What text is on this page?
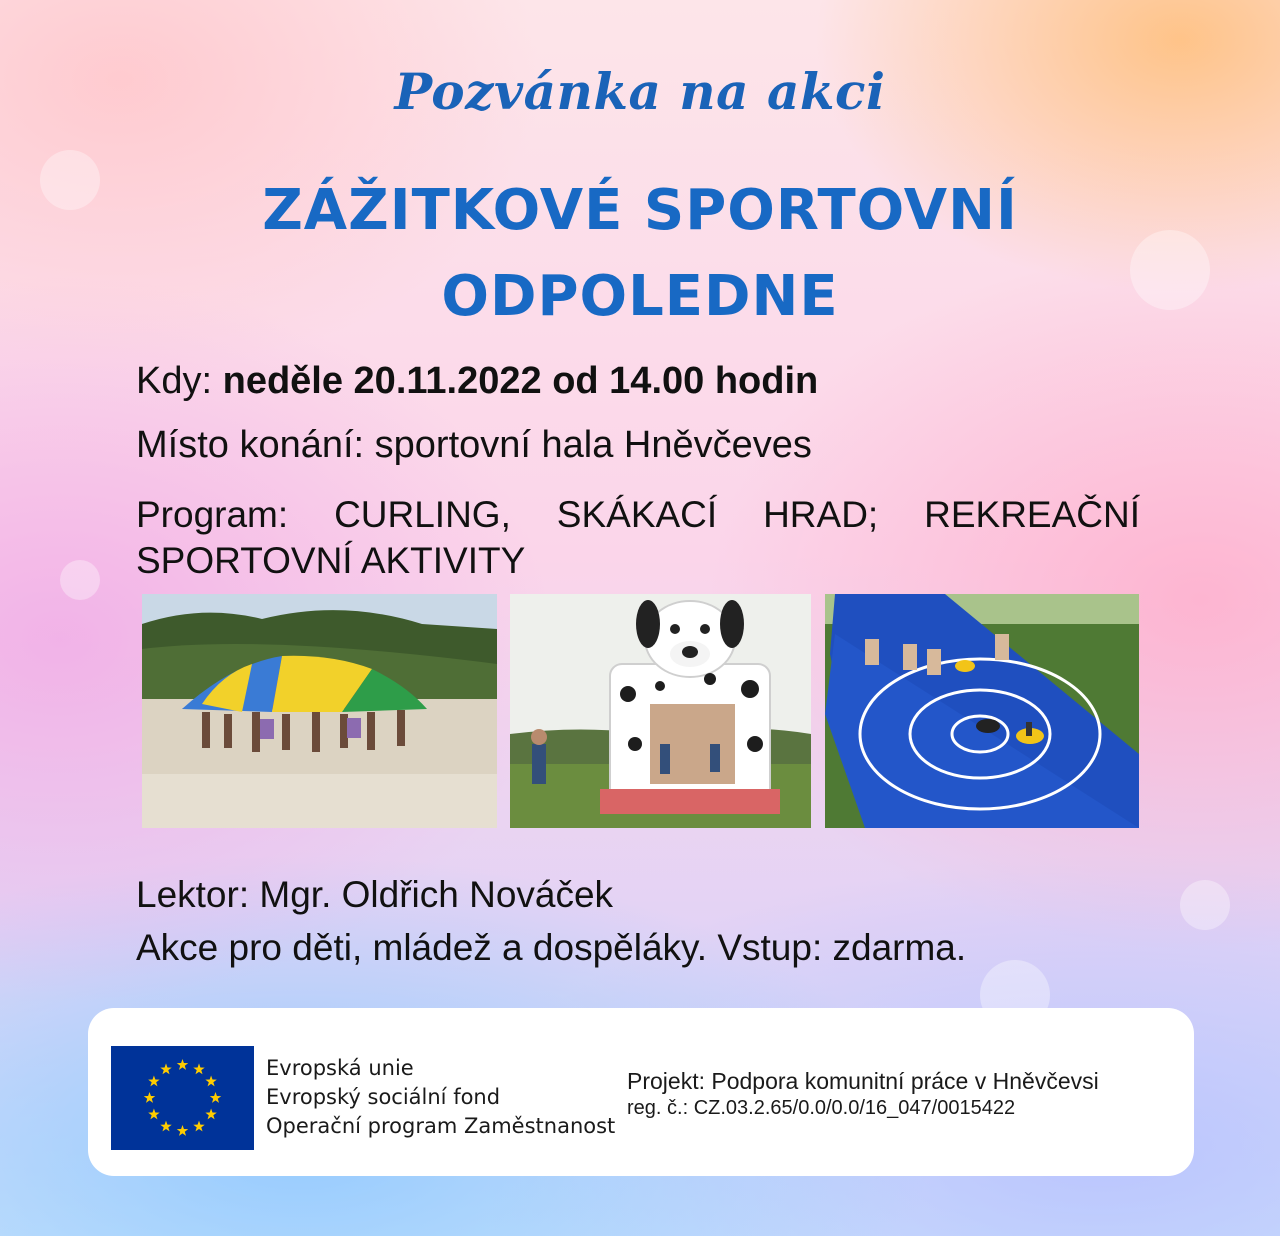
Pozvánka na akci
ZÁŽITKOVÉ SPORTOVNÍ
ODPOLEDNE
Kdy: neděle 20.11.2022 od 14.00 hodin
Místo konání: sportovní hala Hněvčeves
Program: CURLING, SKÁKACÍ HRAD; REKREAČNÍ SPORTOVNÍ AKTIVITY
Lektor: Mgr. Oldřich Nováček
Akce pro děti, mládež a dospěláky. Vstup: zdarma.
Evropská unie
Evropský sociální fond
Operační program Zaměstnanost
Projekt: Podpora komunitní práce v Hněvčevsi
reg. č.: CZ.03.2.65/0.0/0.0/16_047/0015422
